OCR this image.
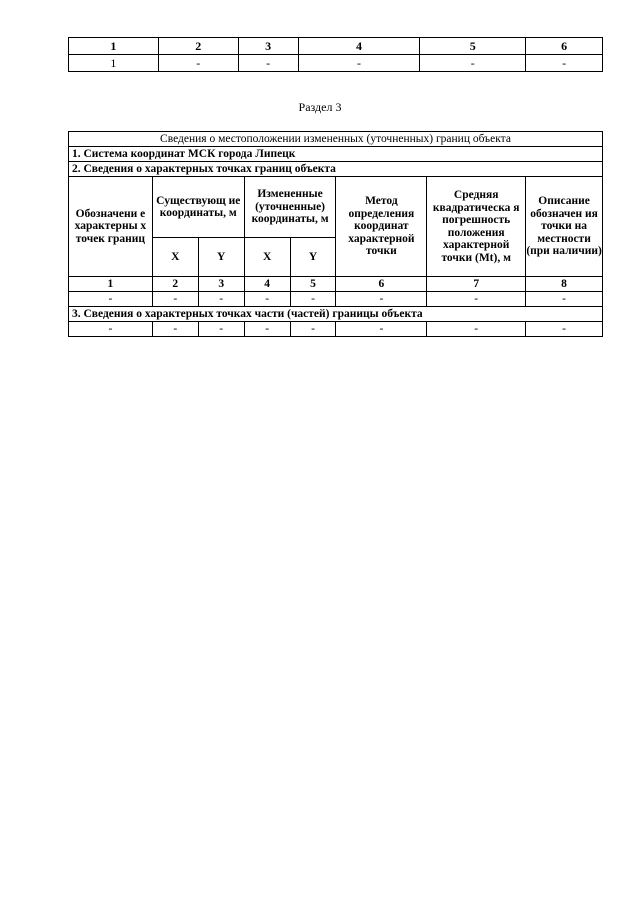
1	2	3	4	5	6
1	-	-	-	-	-
Раздел 3
Сведения о местоположении измененных (уточненных) границ объекта							
1. Система координат МСК города Липецк							
2. Сведения о характерных точках границ объекта							
Обозначени е характерны х точек границ	Существующ ие координаты, м		Измененные (уточненные) координаты, м		Метод определения координат характерной точки	Средняя квадратическа я погрешность положения характерной точки (Mt), м	Описание обозначен ия точки на местности (при наличии)
	X	Y	X	Y			
1	2	3	4	5	6	7	8
-	-	-	-	-	-	-	-
3. Сведения о характерных точках части (частей) границы объекта							
-	-	-	-	-	-	-	-
